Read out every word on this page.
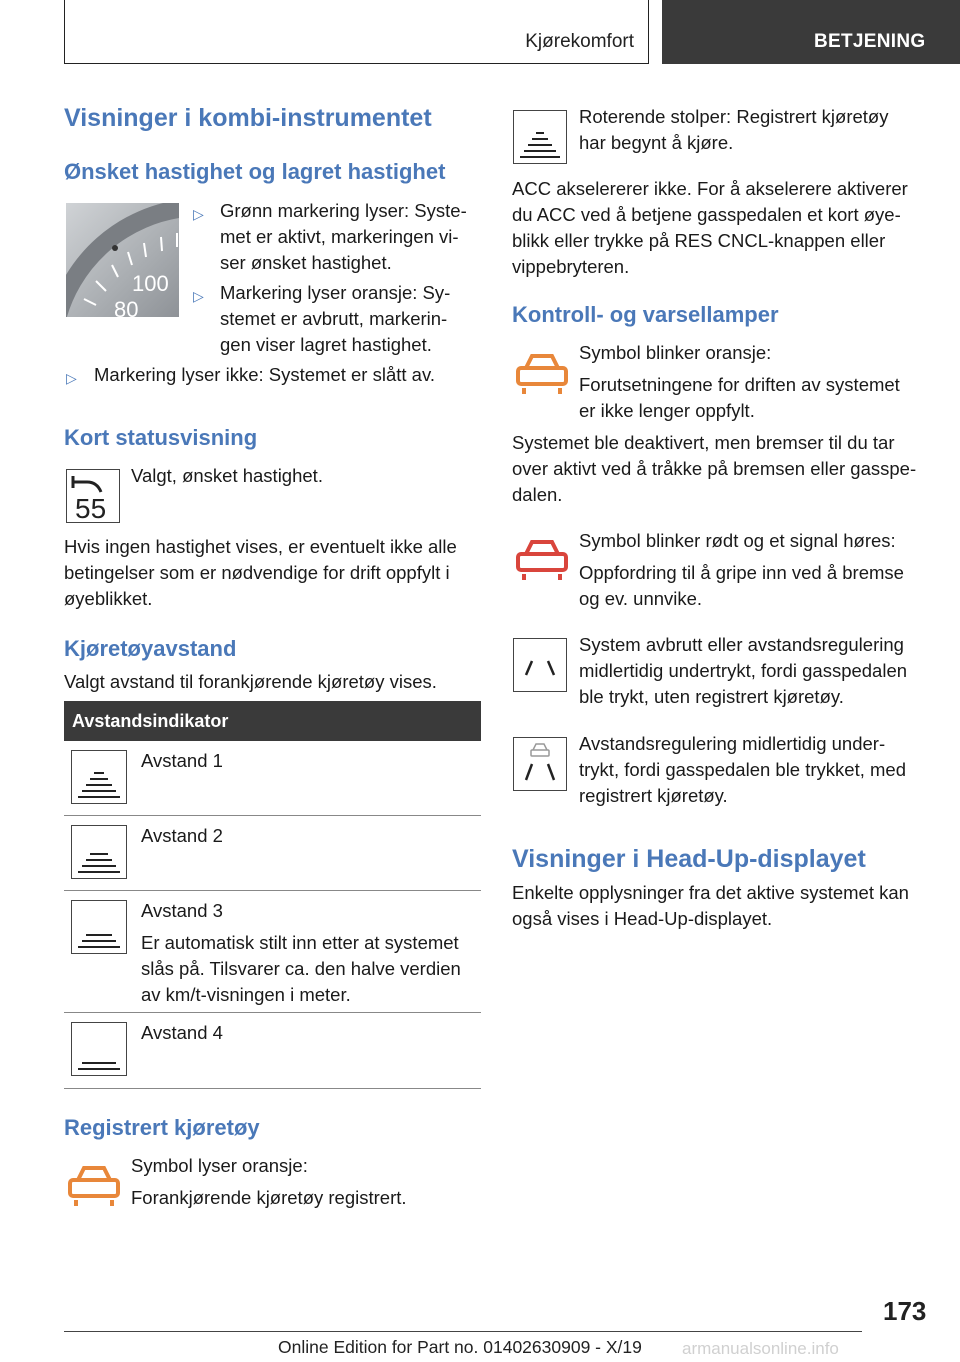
Kjørekomfort	BETJENING
Visninger i kombi-instrumentet
Ønsket hastighet og lagret hastighet
100
80
▷ Grønn markering lyser: Syste-
met er aktivt, markeringen vi-
ser ønsket hastighet.
▷ Markering lyser oransje: Sy-
stemet er avbrutt, markerin-
gen viser lagret hastighet.
▷ Markering lyser ikke: Systemet er slått av.
Kort statusvisning
55
Valgt, ønsket hastighet.
Hvis ingen hastighet vises, er eventuelt ikke alle
betingelser som er nødvendige for drift oppfylt i
øyeblikket.
Kjøretøyavstand
Valgt avstand til forankjørende kjøretøy vises.
Avstandsindikator
Avstand 1
Avstand 2
Avstand 3
Er automatisk stilt inn etter at systemet
slås på. Tilsvarer ca. den halve verdien
av km/t-visningen i meter.
Avstand 4
Registrert kjøretøy
Symbol lyser oransje:
Forankjørende kjøretøy registrert.
Roterende stolper: Registrert kjøretøy
har begynt å kjøre.
ACC akselererer ikke. For å akselerere aktiverer
du ACC ved å betjene gasspedalen et kort øye-
blikk eller trykke på RES CNCL-knappen eller
vippebryteren.
Kontroll- og varsellamper
Symbol blinker oransje:
Forutsetningene for driften av systemet
er ikke lenger oppfylt.
Systemet ble deaktivert, men bremser til du tar
over aktivt ved å tråkke på bremsen eller gasspe-
dalen.
Symbol blinker rødt og et signal høres:
Oppfordring til å gripe inn ved å bremse
og ev. unnvike.
System avbrutt eller avstandsregulering
midlertidig undertrykt, fordi gasspedalen
ble trykt, uten registrert kjøretøy.
Avstandsregulering midlertidig under-
trykt, fordi gasspedalen ble trykket, med
registrert kjøretøy.
Visninger i Head-Up-displayet
Enkelte opplysninger fra det aktive systemet kan
også vises i Head-Up-displayet.
173
Online Edition for Part no. 01402630909 - X/19 armanualsonline.info
